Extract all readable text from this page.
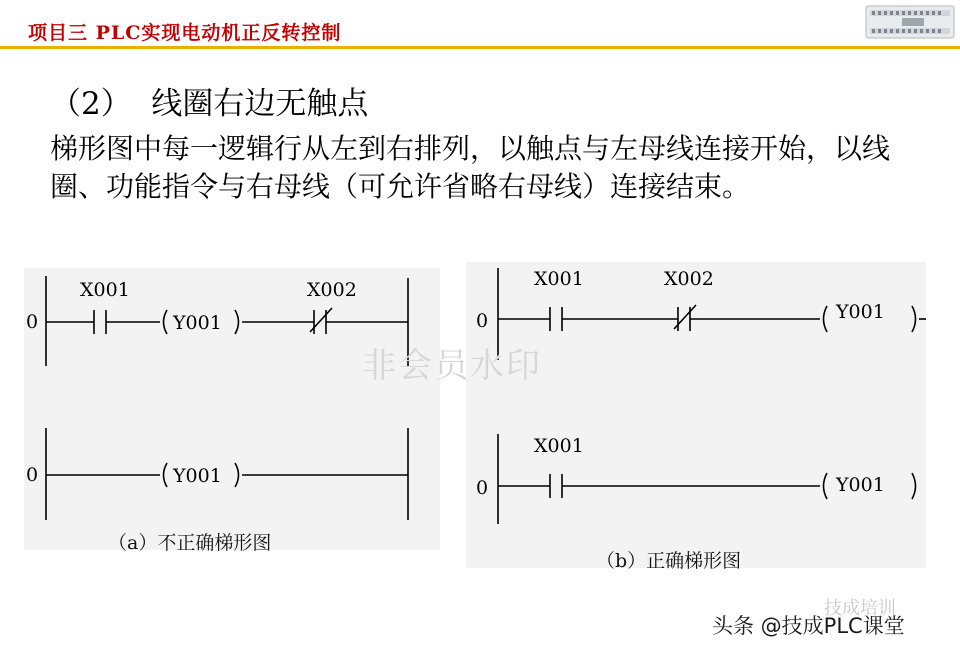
项目三 PLC实现电动机正反转控制
（2）  线圈右边无触点
梯形图中每一逻辑行从左到右排列，以触点与左母线连接开始，以线圈、功能指令与右母线（可允许省略右母线）连接结束。
0
X001
Y001
X002
0	Y001
（a）不正确梯形图
0
X001	X002
Y001
0
X001
Y001
（b）正确梯形图
非会员水印
技成培训
头条 @技成PLC课堂
